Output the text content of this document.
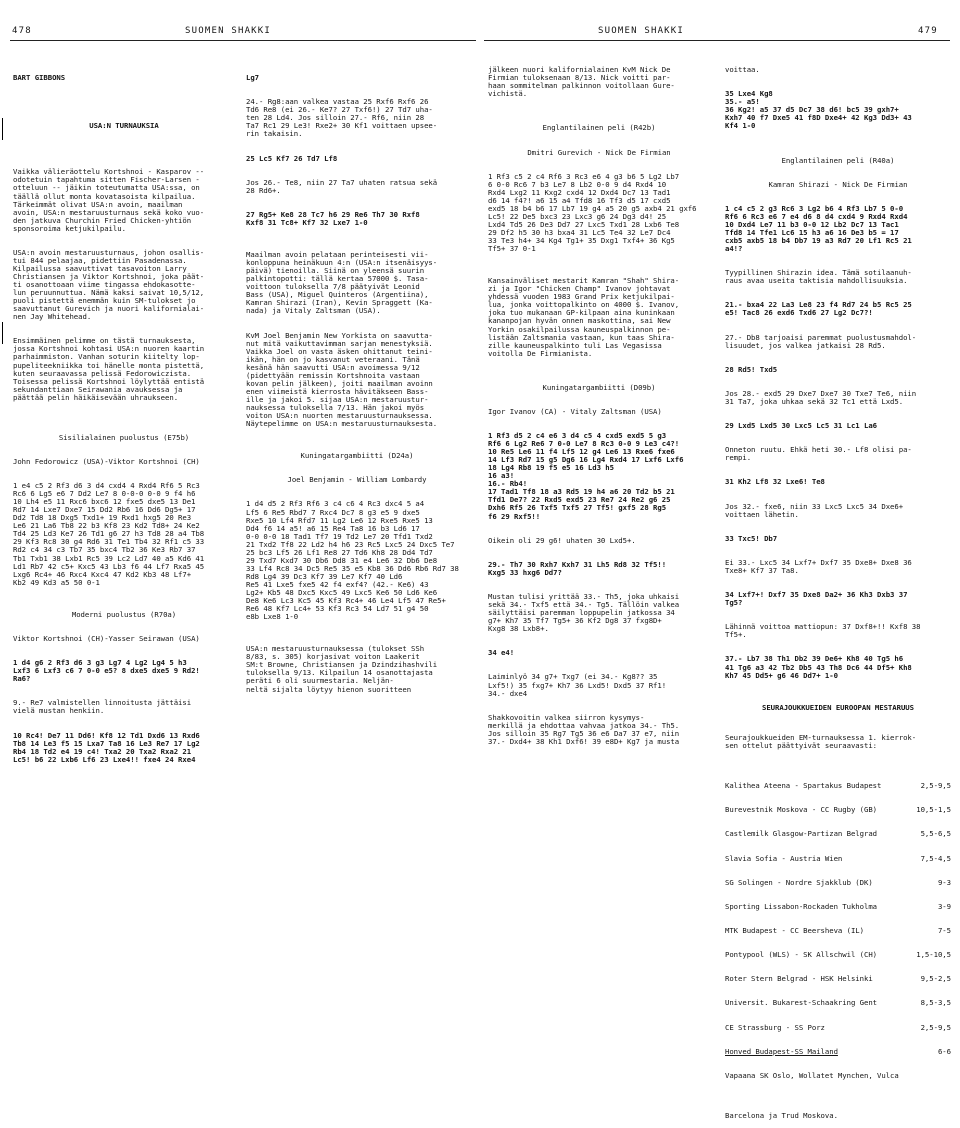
478	SUOMEN SHAKKI	SUOMEN SHAKKI	479

BART GIBBONS

USA:N TURNAUKSIA

Vaikka välieräottelu Kortshnoi - Kasparov --
odotetuin tapahtuma sitten Fischer-Larsen -
otteluun -- jäikin toteutumatta USA:ssa, on
täällä ollut monta kovatasoista kilpailua.
Tärkeimmät olivat USA:n avoin, maailman
avoin, USA:n mestaruusturnaus sekä koko vuo-
den jatkuva Churchin Fried Chicken-yhtiön
sponsoroima ketjukilpailu.

USA:n avoin mestaruusturnaus, johon osallis-
tui 844 pelaajaa, pidettiin Pasadenassa.
Kilpailussa saavuttivat tasavoiton Larry
Christiansen ja Viktor Kortshnoi, joka päät-
ti osanottoaan viime tingassa ehdokasotte-
lun peruunnuttua. Nämä kaksi saivat 10,5/12,
puoli pistettä enemmän kuin SM-tulokset jo
saavuttanut Gurevich ja nuori kalifornialai-
nen Jay Whitehead.

Ensimmäinen pelimme on tästä turnauksesta,
jossa Kortshnoi kohtasi USA:n nuoren kaartin
parhaimmiston. Vanhan soturin kiitelty lop-
pupeliteekniikka toi hänelle monta pistettä,
kuten seuraavassa pelissä Fedorowiczista.
Toisessa pelissä Kortshnoi löylyttää entistä
sekundanttiaan Seirawania avauksessa ja
päättää pelin häikäisevään uhraukseen.

Sisilialainen puolustus (E75b)

John Fedorowicz (USA)-Viktor Kortshnoi (CH)

1 e4 c5 2 Rf3 d6 3 d4 cxd4 4 Rxd4 Rf6 5 Rc3
Rc6 6 Lg5 e6 7 Dd2 Le7 8 0-0-0 0-0 9 f4 h6
10 Lh4 e5 11 Rxc6 bxc6 12 fxe5 dxe5 13 De1
Rd7 14 Lxe7 Dxe7 15 Dd2 Rb6 16 Dd6 Dg5+ 17
Dd2 Td8 18 Dxg5 Txd1+ 19 Rxd1 hxg5 20 Re3
Le6 21 La6 Tb8 22 b3 Kf8 23 Kd2 Td8+ 24 Ke2
Td4 25 Ld3 Ke7 26 Td1 g6 27 h3 Td8 28 a4 Tb8
29 Kf3 Rc8 30 g4 Rd6 31 Te1 Tb4 32 Rf1 c5 33
Rd2 c4 34 c3 Tb7 35 bxc4 Tb2 36 Ke3 Rb7 37
Tb1 Txb1 38 Lxb1 Rc5 39 Lc2 Ld7 40 a5 Kd6 41
Ld1 Rb7 42 c5+ Kxc5 43 Lb3 f6 44 Lf7 Rxa5 45
Lxg6 Rc4+ 46 Rxc4 Kxc4 47 Kd2 Kb3 48 Lf7+
Kb2 49 Kd3 a5 50 0-1

Moderni puolustus (R70a)

Viktor Kortshnoi (CH)-Yasser Seirawan (USA)

1 d4 g6 2 Rf3 d6 3 g3 Lg7 4 Lg2 Lg4 5 h3
Lxf3 6 Lxf3 c6 7 0-0 e5? 8 dxe5 dxe5 9 Rd2!
Ra6?

9.- Re7 valmistellen linnoitusta jättäisi
vielä mustan henkiin.

10 Rc4! De7 11 Dd6! Kf8 12 Td1 Dxd6 13 Rxd6
Tb8 14 Le3 f5 15 Lxa7 Ta8 16 Le3 Re7 17 Lg2
Rb4 18 Td2 e4 19 c4! Txa2 20 Txa2 Rxa2 21
Lc5! b6 22 Lxb6 Lf6 23 Lxe4!! fxe4 24 Rxe4

Lg7

24.- Rg8:aan valkea vastaa 25 Rxf6 Rxf6 26
Td6 Re8 (ei 26.- Ke7? 27 Txf6!) 27 Td7 uha-
ten 28 Ld4. Jos silloin 27.- Rf6, niin 28
Ta7 Rc1 29 Le3! Rxe2+ 30 Kf1 voittaen upsee-
rin takaisin.

25 Lc5 Kf7 26 Td7 Lf8

Jos 26.- Te8, niin 27 Ta7 uhaten ratsua sekä
28 Rd6+.

27 Rg5+ Ke8 28 Tc7 h6 29 Re6 Th7 30 Rxf8
Kxf8 31 Tc8+ Kf7 32 Lxe7 1-0

Maailman avoin pelataan perinteisesti vii-
konloppuna heinäkuun 4:n (USA:n itsenäisyys-
päivä) tienoilla. Siinä on yleensä suurin
palkintopotti: tällä kertaa 57000 $. Tasa-
voittoon tuloksella 7/8 päätyivät Leonid
Bass (USA), Miguel Quinteros (Argentiina),
Kamran Shirazi (Iran), Kevin Spraggett (Ka-
nada) ja Vitaly Zaltsman (USA).

KvM Joel Benjamin New Yorkista on saavutta-
nut mitä vaikuttavimman sarjan menestyksiä.
Vaikka Joel on vasta äsken ohittanut teini-
ikän, hän on jo kasvanut veteraani. Tänä
kesänä hän saavutti USA:n avoimessa 9/12
(pidettyään remissin Kortshnoita vastaan
kovan pelin jälkeen), joiti maailman avoinn
enen viimeistä kierrosta hävitäkseen Bass-
ille ja jakoi 5. sijaa USA:n mestaruustur-
nauksessa tuloksella 7/13. Hän jakoi myös
voiton USA:n nuorten mestaruusturnauksessa.
Näytepelimme on USA:n mestaruusturnauksesta.

Kuningatargambiitti (D24a)

Joel Benjamin - William Lombardy

1 d4 d5 2 Rf3 Rf6 3 c4 c6 4 Rc3 dxc4 5 a4
Lf5 6 Re5 Rbd7 7 Rxc4 Dc7 8 g3 e5 9 dxe5
Rxe5 10 Lf4 Rfd7 11 Lg2 Le6 12 Rxe5 Rxe5 13
Dd4 f6 14 a5! a6 15 Re4 Ta8 16 b3 Ld6 17
0-0 0-0 18 Tad1 Tf7 19 Td2 Le7 20 Tfd1 Txd2
21 Txd2 Tf8 22 Ld2 h4 h6 23 Rc5 Lxc5 24 Dxc5 Te7
25 bc3 Lf5 26 Lf1 Re8 27 Td6 Kh8 28 Dd4 Td7
29 Txd7 Kxd7 30 Db6 Dd8 31 e4 Le6 32 Db6 De8
33 Lf4 Rc8 34 Dc5 Re5 35 e5 Kb8 36 Dd6 Rb6 Rd7 38
Rd8 Lg4 39 Dc3 Kf7 39 Le7 Kf7 40 Ld6
Re5 41 Lxe5 fxe5 42 f4 exf4? (42.- Ke6) 43
Lg2+ Kb5 48 Dxc5 Kxc5 49 Lxc5 Ke6 50 Ld6 Ke6
De8 Ke6 Lc3 Kc5 45 Kf3 Rc4+ 46 Le4 Lf5 47 Re5+
Re6 48 Kf7 Lc4+ 53 Kf3 Rc3 54 Ld7 51 g4 50
e8b Lxe8 1-0

USA:n mestaruusturnauksessa (tulokset SSh
8/83, s. 305) korjasivat voiton Laakerit
SM:t Browne, Christiansen ja Dzindzihashvili
tuloksella 9/13. Kilpailun 14 osanottajasta
peräti 6 oli suurmestaria. Neljän-
neltä sijalta löytyy hienon suoritteen

jälkeen nuori kalifornialainen KvM Nick De
Firmian tuloksenaan 8/13. Nick voitti par-
haan sommitelman palkinnon voitollaan Gure-
vichistä.

Englantilainen peli (R42b)

Dmitri Gurevich - Nick De Firmian

1 Rf3 c5 2 c4 Rf6 3 Rc3 e6 4 g3 b6 5 Lg2 Lb7
6 0-0 Rc6 7 b3 Le7 8 Lb2 0-0 9 d4 Rxd4 10
Rxd4 Lxg2 11 Kxg2 cxd4 12 Dxd4 Dc7 13 Tad1
d6 14 f4?! a6 15 a4 Tfd8 16 Tf3 d5 17 cxd5
exd5 18 b4 b6 17 Lb7 19 g4 a5 20 g5 axb4 21 gxf6
Lc5! 22 De5 bxc3 23 Lxc3 g6 24 Dg3 d4! 25
Lxd4 Td5 26 De3 Dd7 27 Lxc5 Txd1 28 Lxb6 Te8
29 Df2 h5 30 h3 bxa4 31 Lc5 Te4 32 Le7 Dc4
33 Te3 h4+ 34 Kg4 Tg1+ 35 Dxg1 Txf4+ 36 Kg5
Tf5+ 37 0-1

Kansainväliset mestarit Kamran "Shah" Shira-
zi ja Igor "Chicken Champ" Ivanov johtavat
yhdessä vuoden 1983 Grand Prix ketjukilpai-
lua, jonka voittopalkinto on 4000 $. Ivanov,
joka tuo mukanaan GP-kilpaan aina kuninkaan
kananpojan hyvän onnen maskottina, sai New
Yorkin osakilpailussa kauneuspalkinnon pe-
listään Zaltsmania vastaan, kun taas Shira-
zille kauneuspalkinto tuli Las Vegasissa
voitolla De Firmianista.

Kuningatargambiitti (D09b)

Igor Ivanov (CA) - Vitaly Zaltsman (USA)

1 Rf3 d5 2 c4 e6 3 d4 c5 4 cxd5 exd5 5 g3
Rf6 6 Lg2 Re6 7 0-0 Le7 8 Rc3 0-0 9 Le3 c4?!
10 Re5 Le6 11 f4 Lf5 12 g4 Le6 13 Rxe6 fxe6
14 Lf3 Rd7 15 g5 Dg6 16 Lg4 Rxd4 17 Lxf6 Lxf6
18 Lg4 Rb8 19 f5 e5 16 Ld3 h5
16 a3!
16.- Rb4!
17 Tad1 Tf8 18 a3 Rd5 19 h4 a6 20 Td2 b5 21
Tfd1 De7? 22 Rxd5 exd5 23 Re7 24 Re2 g6 25
Dxh6 Rf5 26 Txf5 Txf5 27 Tf5! gxf5 28 Rg5
f6 29 Rxf5!!

Oikein oli 29 g6! uhaten 30 Lxd5+.

29.- Th7 30 Rxh7 Kxh7 31 Lh5 Rd8 32 Tf5!!
Kxg5 33 hxg6 Dd7?

Mustan tulisi yrittää 33.- Th5, joka uhkaisi
sekä 34.- Txf5 että 34.- Tg5. Tällöin valkea
säilyttäisi paremman loppupelin jatkossa 34
g7+ Kh7 35 Tf7 Tg5+ 36 Kf2 Dg8 37 fxg8D+
Kxg8 38 Lxb8+.

34 e4!

Laiminlyö 34 g7+ Txg7 (ei 34.- Kg8?? 35
Lxf5!) 35 fxg7+ Kh7 36 Lxd5! Dxd5 37 Rf1!
34.- dxe4

Shakkovoitin valkea siirron kysymys-
merkillä ja ehdottaa vahvaa jatkoa 34.- Th5.
Jos silloin 35 Rg7 Tg5 36 e6 Da7 37 e7, niin
37.- Dxd4+ 38 Kh1 Dxf6! 39 e8D+ Kg7 ja musta

voittaa.

35 Lxe4 Kg8
35.- a5!
36 Kg2! a5 37 d5 Dc7 38 d6! bc5 39 gxh7+
Kxh7 40 f7 Dxe5 41 f8D Dxe4+ 42 Kg3 Dd3+ 43
Kf4 1-0

Englantilainen peli (R40a)

Kamran Shirazi - Nick De Firmian

1 c4 c5 2 g3 Rc6 3 Lg2 b6 4 Rf3 Lb7 5 0-0
Rf6 6 Rc3 e6 7 e4 d6 8 d4 cxd4 9 Rxd4 Rxd4
10 Dxd4 Le7 11 b3 0-0 12 Lb2 Dc7 13 Tac1
Tfd8 14 Tfe1 Lc6 15 h3 a6 16 De3 b5 = 17
cxb5 axb5 18 b4 Db7 19 a3 Rd7 20 Lf1 Rc5 21
a4!?

Tyypillinen Shirazin idea. Tämä sotilaanuh-
raus avaa useita taktisia mahdollisuuksia.

21.- bxa4 22 La3 Le8 23 f4 Rd7 24 b5 Rc5 25
e5! Tac8 26 exd6 Txd6 27 Lg2 Dc7?!

27.- Db8 tarjoaisi paremmat puolustusmahdol-
lisuudet, jos valkea jatkaisi 28 Rd5.

28 Rd5! Txd5

Jos 28.- exd5 29 Dxe7 Dxe7 30 Txe7 Te6, niin
31 Ta7, joka uhkaa sekä 32 Tc1 että Lxd5.

29 Lxd5 Lxd5 30 Lxc5 Lc5 31 Lc1 La6

Onneton ruutu. Ehkä heti 30.- Lf8 olisi pa-
rempi.

31 Kh2 Lf8 32 Lxe6! Te8

Jos 32.- fxe6, niin 33 Lxc5 Lxc5 34 Dxe6+
voittaen lähetin.

33 Txc5! Db7

Ei 33.- Lxc5 34 Lxf7+ Dxf7 35 Dxe8+ Dxe8 36
Txe8+ Kf7 37 Ta8.

34 Lxf7+! Dxf7 35 Dxe8 Da2+ 36 Kh3 Dxb3 37
Tg5?

Lähinnä voittoa mattiopun: 37 Dxf8+!! Kxf8 38
Tf5+.

37.- Lb7 38 Th1 Db2 39 De6+ Kh8 40 Tg5 h6
41 Tg6 a3 42 Tb2 Db5 43 Th8 Dc6 44 Df5+ Kh8
Kh7 45 Dd5+ g6 46 Dd7+ 1-0

SEURAJOUKKUEIDEN EUROOPAN MESTARUUS

Seurajoukkueiden EM-turnauksessa 1. kierrok-
sen ottelut päättyivät seuraavasti:

Kalithea Ateena - Spartakus Budapest	2,5-9,5

Burevestnik Moskova - CC Rugby (GB)	10,5-1,5

Castlemilk Glasgow-Partizan Belgrad	5,5-6,5

Slavia Sofia - Austria Wien	7,5-4,5

SG Solingen - Nordre Sjakklub (DK)	9-3

Sporting Lissabon-Rockaden Tukholma	3-9

MTK Budapest - CC Beersheva (IL)	7-5

Pontypool (WLS) - SK Allschwil (CH)	1,5-10,5

Roter Stern Belgrad - HSK Helsinki	9,5-2,5

Universit. Bukarest-Schaakring Gent	8,5-3,5

CE Strassburg - SS Porz	2,5-9,5

Honved Budapest-SS Mailand	6-6

Vapaana SK Oslo, Wollatet Mynchen, Vulca

Barcelona ja Trud Moskova.
